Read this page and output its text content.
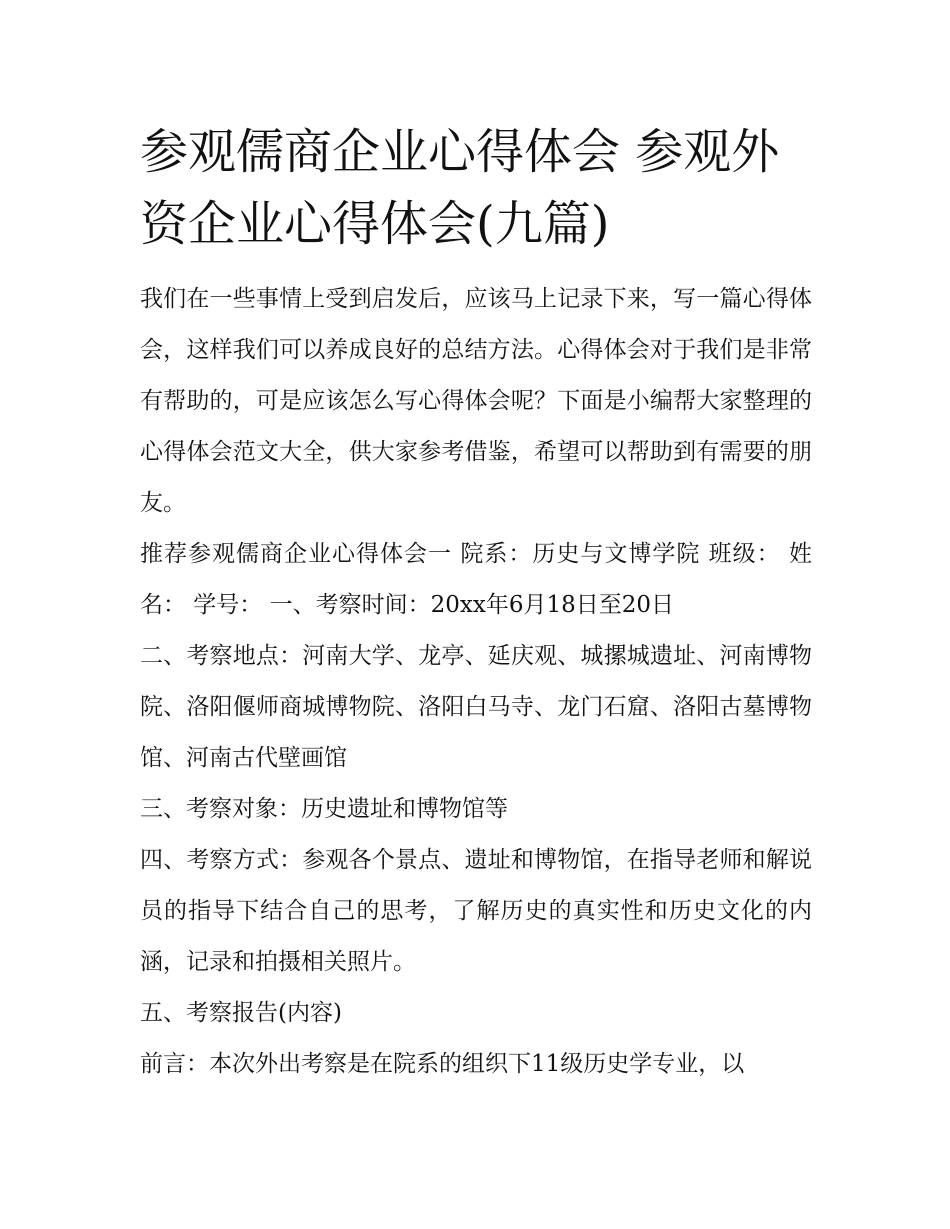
参观儒商企业心得体会 参观外资企业心得体会(九篇)

我们在一些事情上受到启发后，应该马上记录下来，写一篇心得体会，这样我们可以养成良好的总结方法。心得体会对于我们是非常有帮助的，可是应该怎么写心得体会呢？下面是小编帮大家整理的心得体会范文大全，供大家参考借鉴，希望可以帮助到有需要的朋友。

推荐参观儒商企业心得体会一 院系：历史与文博学院 班级： 姓名： 学号： 一、考察时间：20xx年6月18日至20日

二、考察地点：河南大学、龙亭、延庆观、城摞城遗址、河南博物院、洛阳偃师商城博物院、洛阳白马寺、龙门石窟、洛阳古墓博物馆、河南古代壁画馆

三、考察对象：历史遗址和博物馆等

四、考察方式：参观各个景点、遗址和博物馆，在指导老师和解说员的指导下结合自己的思考，了解历史的真实性和历史文化的内涵，记录和拍摄相关照片。

五、考察报告(内容)

前言：本次外出考察是在院系的组织下11级历史学专业，以
